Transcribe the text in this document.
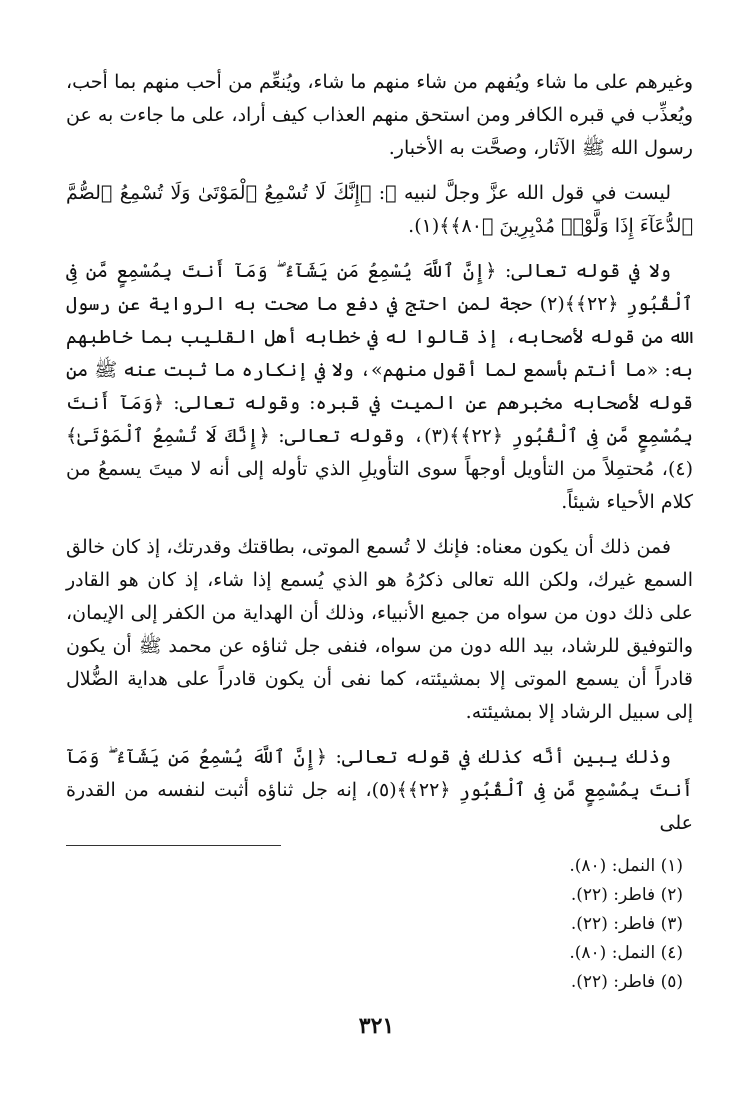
وغيرهم على ما شاء ويُفهم من شاء منهم ما شاء، ويُنعِّم من أحب منهم بما أحب، ويُعذِّب في قبره الكافر ومن استحق منهم العذاب كيف أراد، على ما جاءت به عن رسول الله ﷺ الآثار، وصحَّت به الأخبار.

ليست في قول الله عزَّ وجلَّ لنبيه ﷺ: ﴿إِنَّكَ لَا تُسْمِعُ ٱلْمَوْتَىٰ وَلَا تُسْمِعُ ٱلصُّمَّ ٱلدُّعَآءَ إِذَا وَلَّوْا۟ مُدْبِرِينَ ﴿٨٠﴾﴾(١).

ولا في قوله تعالى: ﴿إِنَّ ٱللَّهَ يُسْمِعُ مَن يَشَآءُ ۖ وَمَآ أَنتَ بِمُسْمِعٍ مَّن فِى ٱلْقُبُورِ ﴿٢٢﴾﴾(٢) حجة لمن احتج في دفع ما صحت به الرواية عن رسول الله من قوله لأصحابه، إذ قالوا له في خطابه أهل القليب بما خاطبهم به: «ما أنتم بأسمع لما أقول منهم»، ولا في إنكاره ما ثبت عنه ﷺ من قوله لأصحابه مخبرهم عن الميت في قبره: وقوله تعالى: ﴿وَمَآ أَنتَ بِمُسْمِعٍ مَّن فِى ٱلْقُبُورِ ﴿٢٢﴾﴾(٣)، وقوله تعالى: ﴿إِنَّكَ لَا تُسْمِعُ ٱلْمَوْتَىٰ﴾(٤)، مُحتمِلاً من التأويل أوجهاً سوى التأويلِ الذي تأوله إلى أنه لا ميتَ يسمعُ من كلام الأحياء شيئاً.

فمن ذلك أن يكون معناه: فإنك لا تُسمع الموتى، بطاقتك وقدرتك، إذ كان خالق السمع غيرك، ولكن الله تعالى ذكرُهُ هو الذي يُسمع إذا شاء، إذ كان هو القادر على ذلك دون من سواه من جميع الأنبياء، وذلك أن الهداية من الكفر إلى الإيمان، والتوفيق للرشاد، بيد الله دون من سواه، فنفى جل ثناؤه عن محمد ﷺ أن يكون قادراً أن يسمع الموتى إلا بمشيئته، كما نفى أن يكون قادراً على هداية الضُّلال إلى سبيل الرشاد إلا بمشيئته.

وذلك يبين أنَّه كذلك في قوله تعالى: ﴿إِنَّ ٱللَّهَ يُسْمِعُ مَن يَشَآءُ ۖ وَمَآ أَنتَ بِمُسْمِعٍ مَّن فِى ٱلْقُبُورِ ﴿٢٢﴾﴾(٥)، إنه جل ثناؤه أثبت لنفسه من القدرة على

(١) النمل: (٨٠).
(٢) فاطر: (٢٢).
(٣) فاطر: (٢٢).
(٤) النمل: (٨٠).
(٥) فاطر: (٢٢).
٣٢١
